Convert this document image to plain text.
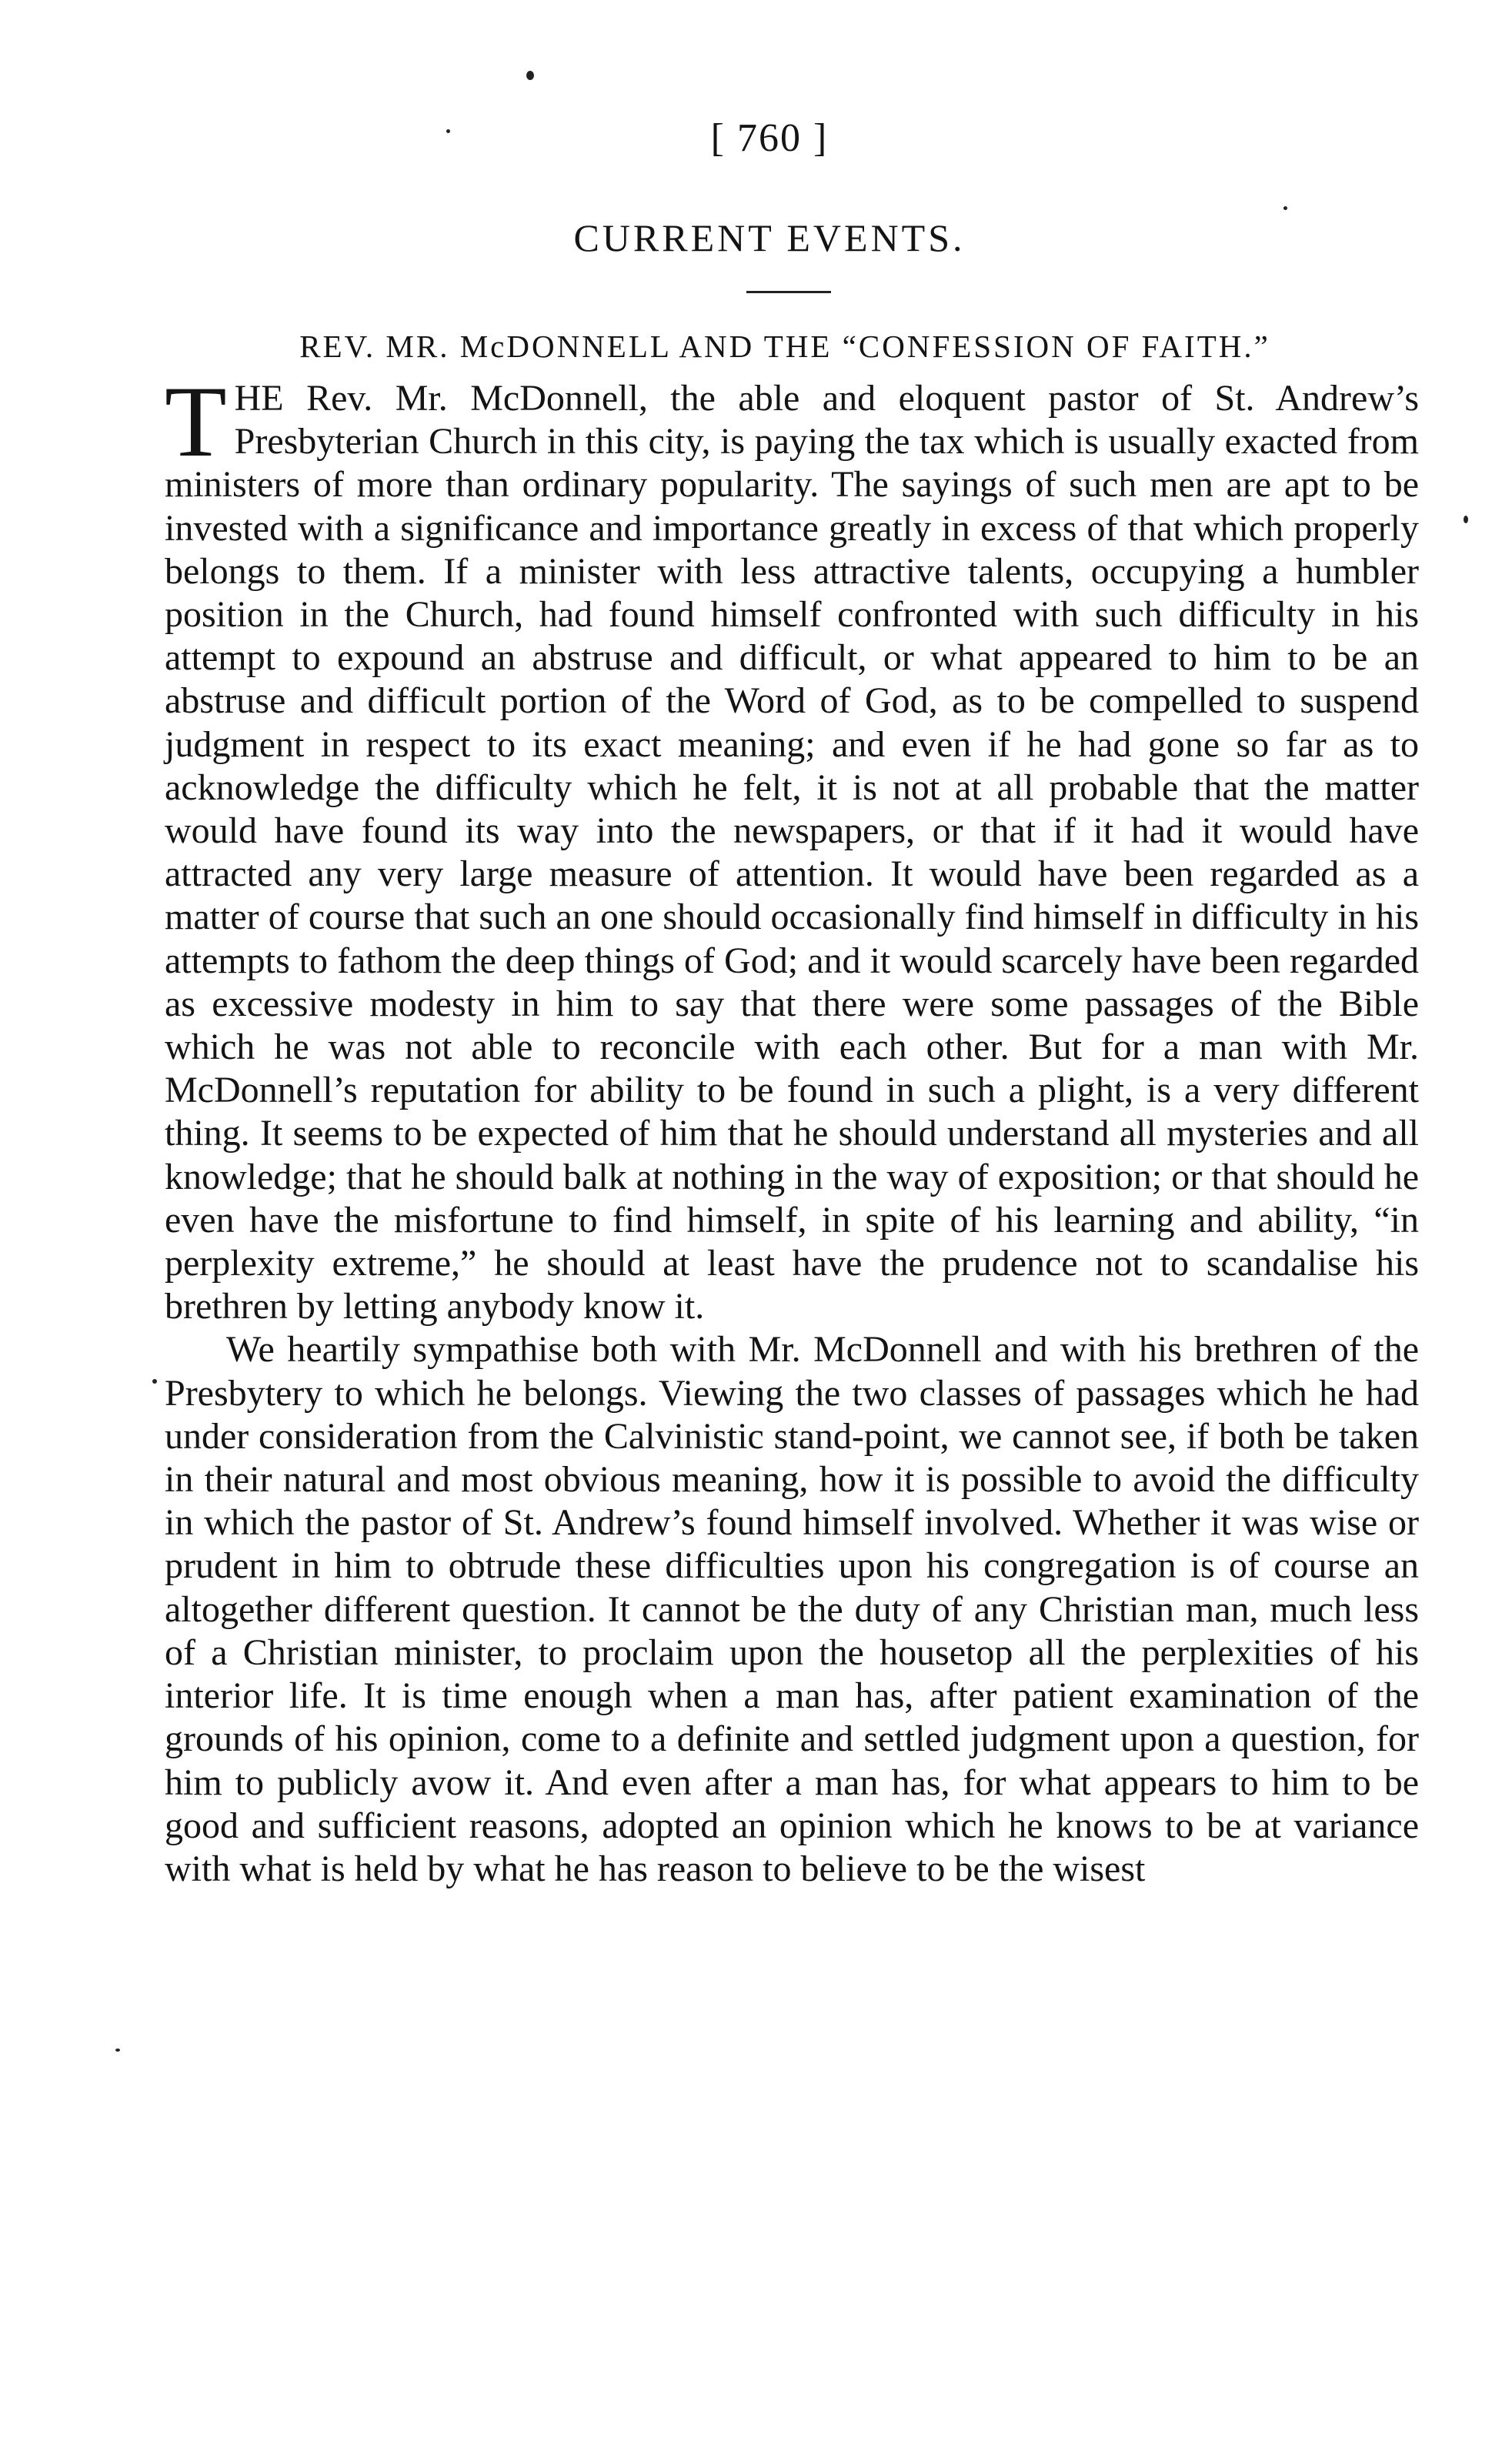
[ 760 ]
CURRENT EVENTS.
REV. MR. McDONNELL AND THE “CONFESSION OF FAITH.”

THE Rev. Mr. McDonnell, the able and eloquent pastor of St. Andrew’s Presbyterian Church in this city, is paying the tax which is usually exacted from ministers of more than ordinary popularity. The sayings of such men are apt to be invested with a significance and importance greatly in excess of that which properly belongs to them. If a minister with less attractive talents, occupying a humbler position in the Church, had found himself confronted with such difficulty in his attempt to expound an abstruse and difficult, or what appeared to him to be an abstruse and difficult portion of the Word of God, as to be compelled to suspend judgment in respect to its exact meaning; and even if he had gone so far as to acknowledge the difficulty which he felt, it is not at all probable that the matter would have found its way into the newspapers, or that if it had it would have attracted any very large measure of attention. It would have been regarded as a matter of course that such an one should occasionally find himself in difficulty in his attempts to fathom the deep things of God; and it would scarcely have been regarded as excessive modesty in him to say that there were some passages of the Bible which he was not able to reconcile with each other. But for a man with Mr. McDonnell’s reputation for ability to be found in such a plight, is a very different thing. It seems to be expected of him that he should understand all mysteries and all knowledge; that he should balk at nothing in the way of exposition; or that should he even have the misfortune to find himself, in spite of his learning and ability, “in perplexity extreme,” he should at least have the prudence not to scandalise his brethren by letting anybody know it.

We heartily sympathise both with Mr. McDonnell and with his brethren of the Presbytery to which he belongs. Viewing the two classes of passages which he had under consideration from the Calvinistic stand-point, we cannot see, if both be taken in their natural and most obvious meaning, how it is possible to avoid the difficulty in which the pastor of St. Andrew’s found himself involved. Whether it was wise or prudent in him to obtrude these difficulties upon his congregation is of course an altogether different question. It cannot be the duty of any Christian man, much less of a Christian minister, to proclaim upon the housetop all the perplexities of his interior life. It is time enough when a man has, after patient examination of the grounds of his opinion, come to a definite and settled judgment upon a question, for him to publicly avow it. And even after a man has, for what appears to him to be good and sufficient reasons, adopted an opinion which he knows to be at variance with what is held by what he has reason to believe to be the wisest
